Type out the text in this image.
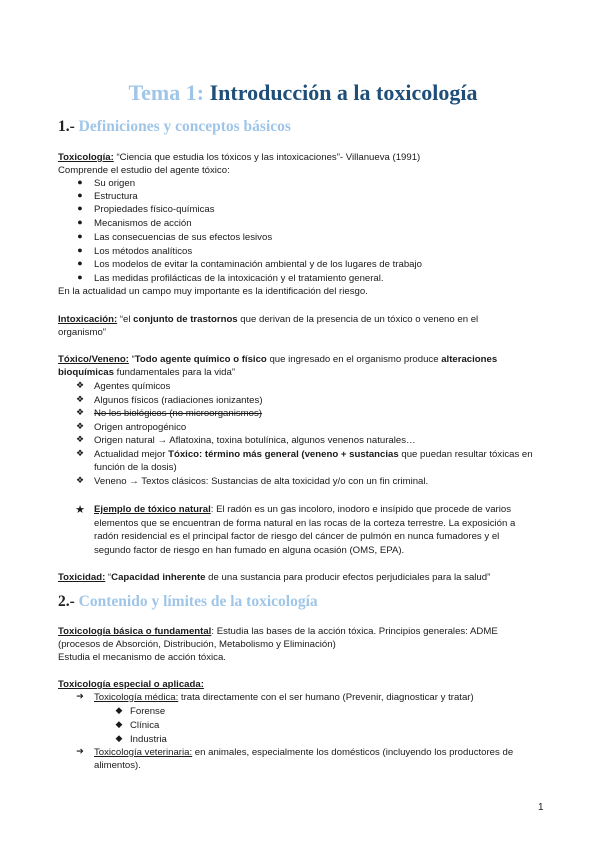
Tema 1: Introducción a la toxicología
1.- Definiciones y conceptos básicos
Toxicología: “Ciencia que estudia los tóxicos y las intoxicaciones”- Villanueva (1991)
Comprende el estudio del agente tóxico:
●	Su origen
●	Estructura
●	Propiedades físico-químicas
●	Mecanismos de acción
●	Las consecuencias de sus efectos lesivos
●	Los métodos analíticos
●	Los modelos de evitar la contaminación ambiental y de los lugares de trabajo
●	Las medidas profilácticas de la intoxicación y el tratamiento general.
En la actualidad un campo muy importante es la identificación del riesgo.
Intoxicación: “el conjunto de trastornos que derivan de la presencia de un tóxico o veneno en el
organismo”
Tóxico/Veneno: “Todo agente químico o físico que ingresado en el organismo produce alteraciones
bioquímicas fundamentales para la vida”
❖	Agentes químicos
❖	Algunos físicos (radiaciones ionizantes)
❖	No los biológicos (no microorganismos)
❖	Origen antropogénico
❖	Origen natural → Aflatoxina, toxina botulínica, algunos venenos naturales…
❖	Actualidad mejor Tóxico: término más general (veneno + sustancias que puedan resultar tóxicas en
función de la dosis)
❖	Veneno → Textos clásicos: Sustancias de alta toxicidad y/o con un fin criminal.
★ Ejemplo de tóxico natural: El radón es un gas incoloro, inodoro e insípido que procede de varios
elementos que se encuentran de forma natural en las rocas de la corteza terrestre. La exposición a
radón residencial es el principal factor de riesgo del cáncer de pulmón en nunca fumadores y el
segundo factor de riesgo en han fumado en alguna ocasión (OMS, EPA).
Toxicidad: “Capacidad inherente de una sustancia para producir efectos perjudiciales para la salud”
2.- Contenido y límites de la toxicología
Toxicología básica o fundamental: Estudia las bases de la acción tóxica. Principios generales: ADME
(procesos de Absorción, Distribución, Metabolismo y Eliminación)
Estudia el mecanismo de acción tóxica.
Toxicología especial o aplicada:
➔	Toxicología médica: trata directamente con el ser humano (Prevenir, diagnosticar y tratar)
◆ Forense
◆ Clínica
◆ Industria
➔	Toxicología veterinaria: en animales, especialmente los domésticos (incluyendo los productores de
alimentos).
1
